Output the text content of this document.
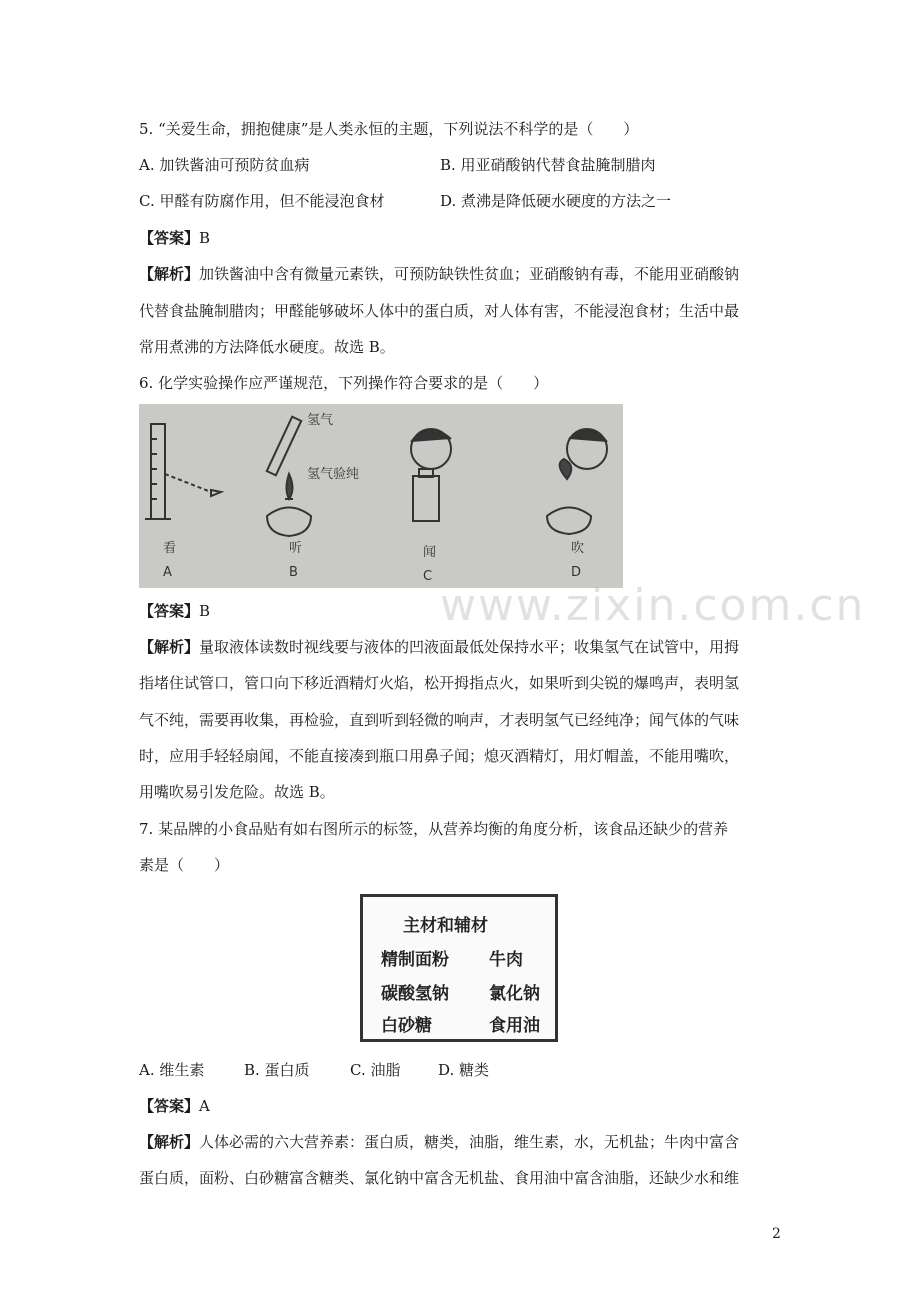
5. “关爱生命，拥抱健康”是人类永恒的主题，下列说法不科学的是（　　）
A. 加铁酱油可预防贫血病	B. 用亚硝酸钠代替食盐腌制腊肉
C. 甲醛有防腐作用，但不能浸泡食材	D. 煮沸是降低硬水硬度的方法之一
【答案】B
【解析】加铁酱油中含有微量元素铁，可预防缺铁性贫血；亚硝酸钠有毒，不能用亚硝酸钠
代替食盐腌制腊肉；甲醛能够破坏人体中的蛋白质，对人体有害，不能浸泡食材；生活中最
常用煮沸的方法降低水硬度。故选 B。
6. 化学实验操作应严谨规范，下列操作符合要求的是（　　）
氢气
氢气验纯
看
A
听
B
闻
C
吹
D
www.zixin.com.cn
【答案】B
【解析】量取液体读数时视线要与液体的凹液面最低处保持水平；收集氢气在试管中，用拇
指堵住试管口，管口向下移近酒精灯火焰，松开拇指点火，如果听到尖锐的爆鸣声，表明氢
气不纯，需要再收集，再检验，直到听到轻微的响声，才表明氢气已经纯净；闻气体的气味
时，应用手轻轻扇闻，不能直接凑到瓶口用鼻子闻；熄灭酒精灯，用灯帽盖，不能用嘴吹，
用嘴吹易引发危险。故选 B。
7. 某品牌的小食品贴有如右图所示的标签，从营养均衡的角度分析，该食品还缺少的营养
素是（　　）
主材和辅材
精制面粉 牛肉
碳酸氢钠 氯化钠
白砂糖	食用油
A. 维生素	B. 蛋白质	C. 油脂	D. 糖类
【答案】A
【解析】人体必需的六大营养素：蛋白质，糖类，油脂，维生素，水，无机盐；牛肉中富含
蛋白质，面粉、白砂糖富含糖类、氯化钠中富含无机盐、食用油中富含油脂，还缺少水和维
2
